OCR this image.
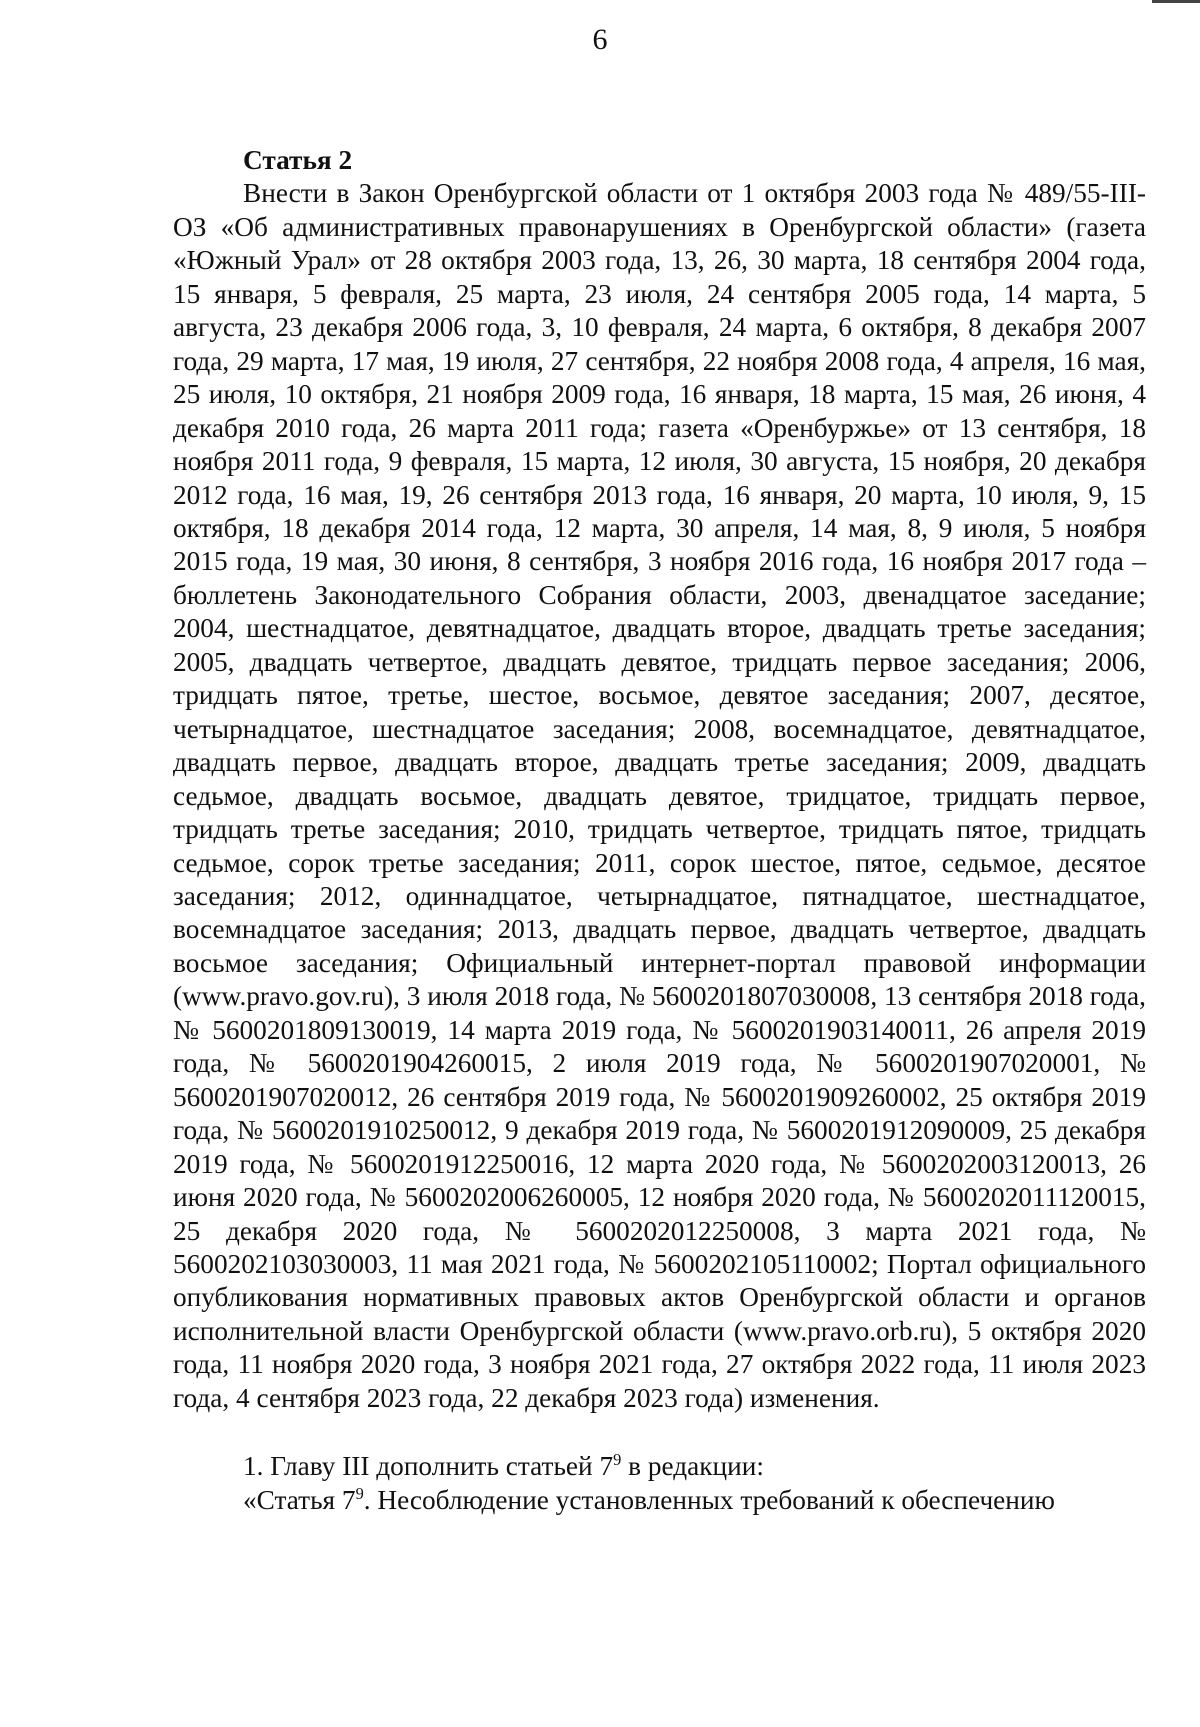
6

Статья 2

Внести в Закон Оренбургской области от 1 октября 2003 года № 489/55-III-ОЗ «Об административных правонарушениях в Оренбургской области» (газета «Южный Урал» от 28 октября 2003 года, 13, 26, 30 марта, 18 сентября 2004 года, 15 января, 5 февраля, 25 марта, 23 июля, 24 сентября 2005 года, 14 марта, 5 августа, 23 декабря 2006 года, 3, 10 февраля, 24 марта, 6 октября, 8 декабря 2007 года, 29 марта, 17 мая, 19 июля, 27 сентября, 22 ноября 2008 года, 4 апреля, 16 мая, 25 июля, 10 октября, 21 ноября 2009 года, 16 января, 18 марта, 15 мая, 26 июня, 4 декабря 2010 года, 26 марта 2011 года; газета «Оренбуржье» от 13 сентября, 18 ноября 2011 года, 9 февраля, 15 марта, 12 июля, 30 августа, 15 ноября, 20 декабря 2012 года, 16 мая, 19, 26 сентября 2013 года, 16 января, 20 марта, 10 июля, 9, 15 октября, 18 декабря 2014 года, 12 марта, 30 апреля, 14 мая, 8, 9 июля, 5 ноября 2015 года, 19 мая, 30 июня, 8 сентября, 3 ноября 2016 года, 16 ноября 2017 года – бюллетень Законодательного Собрания области, 2003, двенадцатое заседание; 2004, шестнадцатое, девятнадцатое, двадцать второе, двадцать третье заседания; 2005, двадцать четвертое, двадцать девятое, тридцать первое заседания; 2006, тридцать пятое, третье, шестое, восьмое, девятое заседания; 2007, десятое, четырнадцатое, шестнадцатое заседания; 2008, восемнадцатое, девятнадцатое, двадцать первое, двадцать второе, двадцать третье заседания; 2009, двадцать седьмое, двадцать восьмое, двадцать девятое, тридцатое, тридцать первое, тридцать третье заседания; 2010, тридцать четвертое, тридцать пятое, тридцать седьмое, сорок третье заседания; 2011, сорок шестое, пятое, седьмое, десятое заседания; 2012, одиннадцатое, четырнадцатое, пятнадцатое, шестнадцатое, восемнадцатое заседания; 2013, двадцать первое, двадцать четвертое, двадцать восьмое заседания; Официальный интернет-портал правовой информации (www.pravo.gov.ru), 3 июля 2018 года, № 5600201807030008, 13 сентября 2018 года, № 5600201809130019, 14 марта 2019 года, № 5600201903140011, 26 апреля 2019 года, № 5600201904260015, 2 июля 2019 года, № 5600201907020001, № 5600201907020012, 26 сентября 2019 года, № 5600201909260002, 25 октября 2019 года, № 5600201910250012, 9 декабря 2019 года, № 5600201912090009, 25 декабря 2019 года, № 5600201912250016, 12 марта 2020 года, № 5600202003120013, 26 июня 2020 года, № 5600202006260005, 12 ноября 2020 года, № 5600202011120015, 25 декабря 2020 года, № 5600202012250008, 3 марта 2021 года, № 5600202103030003, 11 мая 2021 года, № 5600202105110002; Портал официального опубликования нормативных правовых актов Оренбургской области и органов исполнительной власти Оренбургской области (www.pravo.orb.ru), 5 октября 2020 года, 11 ноября 2020 года, 3 ноября 2021 года, 27 октября 2022 года, 11 июля 2023 года, 4 сентября 2023 года, 22 декабря 2023 года) изменения.

1. Главу III дополнить статьей $7^9$ в редакции:

«Статья $7^9$. Несоблюдение установленных требований к обеспечению
